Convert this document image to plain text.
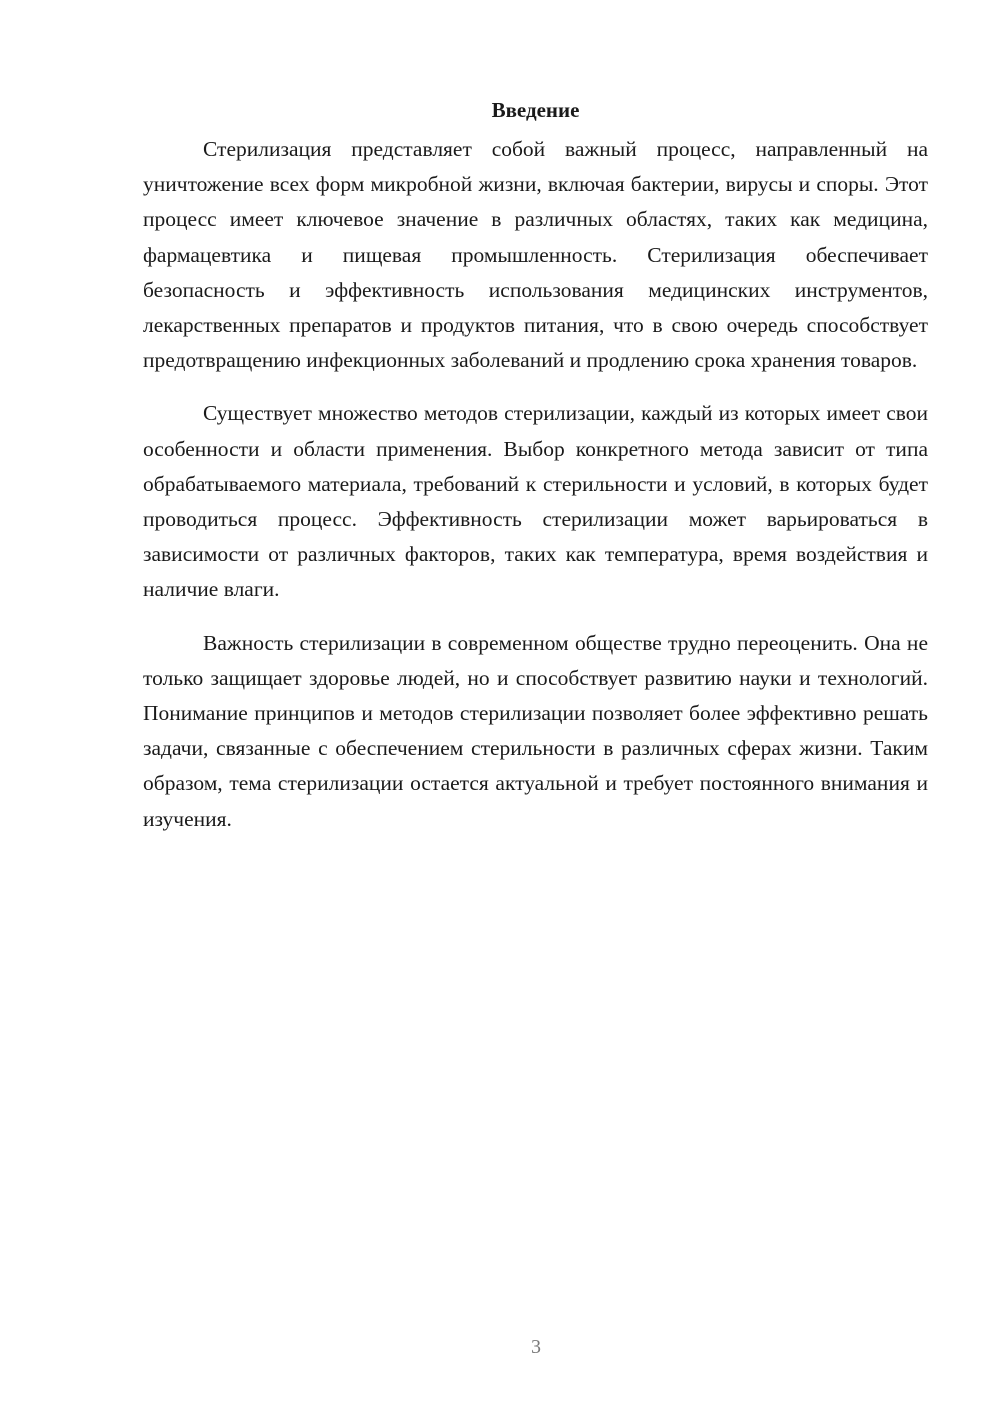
Введение

Стерилизация представляет собой важный процесс, направленный на уничтожение всех форм микробной жизни, включая бактерии, вирусы и споры. Этот процесс имеет ключевое значение в различных областях, таких как медицина, фармацевтика и пищевая промышленность. Стерилизация обеспечивает безопасность и эффективность использования медицинских инструментов, лекарственных препаратов и продуктов питания, что в свою очередь способствует предотвращению инфекционных заболеваний и продлению срока хранения товаров.

Существует множество методов стерилизации, каждый из которых имеет свои особенности и области применения. Выбор конкретного метода зависит от типа обрабатываемого материала, требований к стерильности и условий, в которых будет проводиться процесс. Эффективность стерилизации может варьироваться в зависимости от различных факторов, таких как температура, время воздействия и наличие влаги.

Важность стерилизации в современном обществе трудно переоценить. Она не только защищает здоровье людей, но и способствует развитию науки и технологий. Понимание принципов и методов стерилизации позволяет более эффективно решать задачи, связанные с обеспечением стерильности в различных сферах жизни. Таким образом, тема стерилизации остается актуальной и требует постоянного внимания и изучения.

3
